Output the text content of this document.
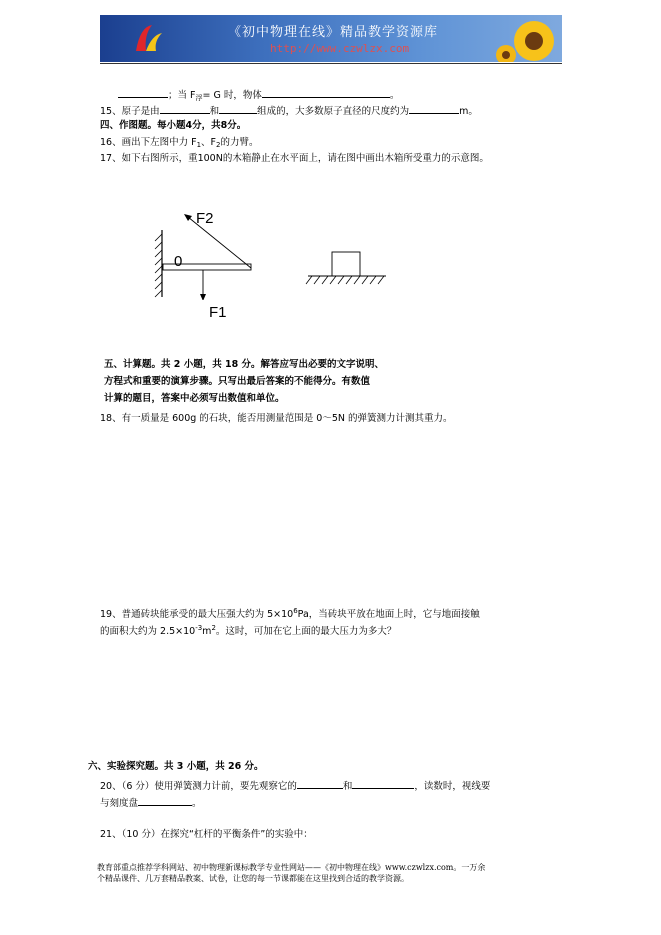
《初中物理在线》精品教学资源库
http://www.czwlzx.com
；当 $F_浮= G$ 时，物体	。
15、原子是由	和	组成的，大多数原子直径的尺度约为	m。
四、作图题。每小题4分，共8分。
16、画出下左图中力 $F_1$、$F_2$的力臂。
17、如下右图所示，重100N的木箱静止在水平面上，请在图中画出木箱所受重力的示意图。
F2
0
F1
五、计算题。共 2 小题，共 18 分。解答应写出必要的文字说明、
方程式和重要的演算步骤。只写出最后答案的不能得分。有数值
计算的题目，答案中必须写出数值和单位。
18、有一质量是 600g 的石块，能否用测量范围是 0～5N 的弹簧测力计测其重力。
19、普通砖块能承受的最大压强大约为 $5\times 10^6Pa$，当砖块平放在地面上时，它与地面接触
的面积大约为 $2.5\times 10^{-3}m^2$。这时，可加在它上面的最大压力为多大？
六、实验探究题。共 3 小题，共 26 分。
20、（6 分）使用弹簧测力计前，要先观察它的	和	，读数时，视线要
与刻度盘	。
21、（10 分）在探究“杠杆的平衡条件”的实验中：
教育部重点推荐学科网站、初中物理新课标教学专业性网站——《初中物理在线》www.czwlzx.com。一万余
个精品课件、几万套精品教案、试卷，让您的每一节课都能在这里找到合适的教学资源。
